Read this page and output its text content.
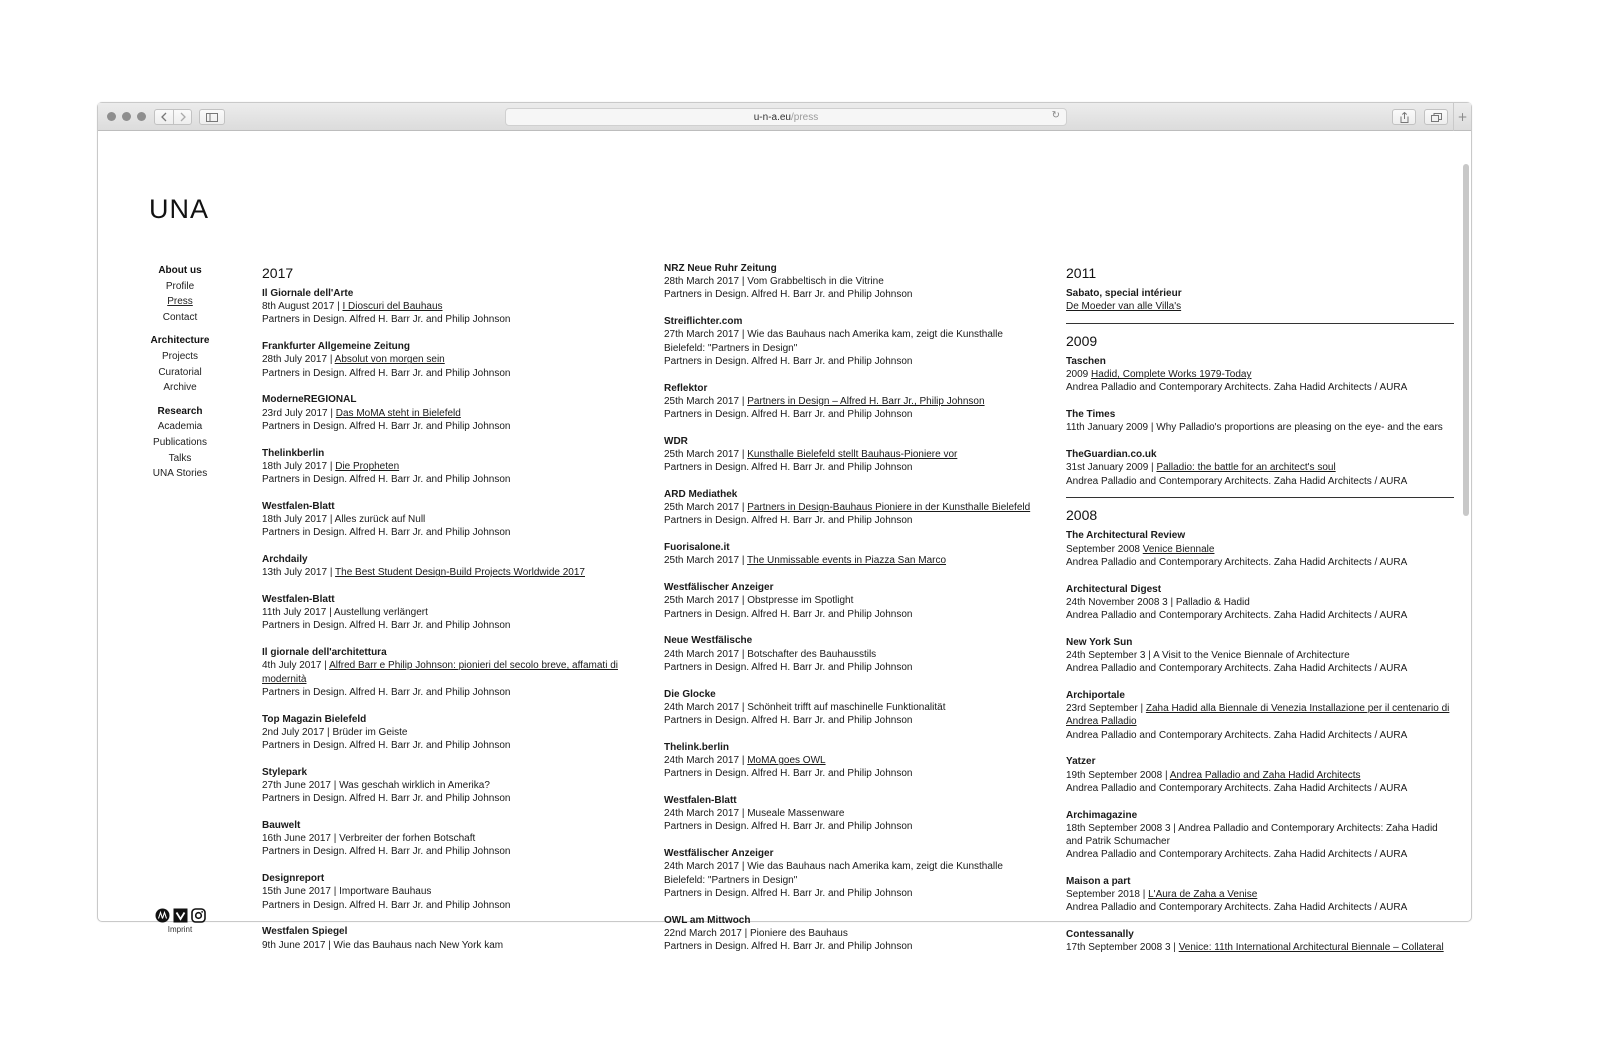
u-n-a.eu /press	↻	+
UNA
About us
Profile
Press
Contact
Architecture
Projects
Curatorial
Archive
Research
Academia
Publications
Talks
UNA Stories
Imprint
2017
Il Giornale dell'Arte
8th August 2017 | I Dioscuri del Bauhaus
Partners in Design. Alfred H. Barr Jr. and Philip Johnson
Frankfurter Allgemeine Zeitung
28th July 2017 | Absolut von morgen sein
Partners in Design. Alfred H. Barr Jr. and Philip Johnson
ModerneREGIONAL
23rd July 2017 | Das MoMA steht in Bielefeld
Partners in Design. Alfred H. Barr Jr. and Philip Johnson
Thelinkberlin
18th July 2017 | Die Propheten
Partners in Design. Alfred H. Barr Jr. and Philip Johnson
Westfalen-Blatt
18th July 2017 | Alles zurück auf Null
Partners in Design. Alfred H. Barr Jr. and Philip Johnson
Archdaily
13th July 2017 | The Best Student Design-Build Projects Worldwide 2017
Westfalen-Blatt
11th July 2017 | Austellung verlängert
Partners in Design. Alfred H. Barr Jr. and Philip Johnson
Il giornale dell'architettura
4th July 2017 | Alfred Barr e Philip Johnson: pionieri del secolo breve, affamati di modernità
Partners in Design. Alfred H. Barr Jr. and Philip Johnson
Top Magazin Bielefeld
2nd July 2017 | Brüder im Geiste
Partners in Design. Alfred H. Barr Jr. and Philip Johnson
Stylepark
27th June 2017 | Was geschah wirklich in Amerika?
Partners in Design. Alfred H. Barr Jr. and Philip Johnson
Bauwelt
16th June 2017 | Verbreiter der forhen Botschaft
Partners in Design. Alfred H. Barr Jr. and Philip Johnson
Designreport
15th June 2017 | Importware Bauhaus
Partners in Design. Alfred H. Barr Jr. and Philip Johnson
Westfalen Spiegel
9th June 2017 | Wie das Bauhaus nach New York kam
NRZ Neue Ruhr Zeitung
28th March 2017 | Vom Grabbeltisch in die Vitrine
Partners in Design. Alfred H. Barr Jr. and Philip Johnson
Streiflichter.com
27th March 2017 | Wie das Bauhaus nach Amerika kam, zeigt die Kunsthalle Bielefeld: "Partners in Design"
Partners in Design. Alfred H. Barr Jr. and Philip Johnson
Reflektor
25th March 2017 | Partners in Design – Alfred H. Barr Jr., Philip Johnson
Partners in Design. Alfred H. Barr Jr. and Philip Johnson
WDR
25th March 2017 | Kunsthalle Bielefeld stellt Bauhaus-Pioniere vor
Partners in Design. Alfred H. Barr Jr. and Philip Johnson
ARD Mediathek
25th March 2017 | Partners in Design-Bauhaus Pioniere in der Kunsthalle Bielefeld
Partners in Design. Alfred H. Barr Jr. and Philip Johnson
Fuorisalone.it
25th March 2017 | The Unmissable events in Piazza San Marco
Westfälischer Anzeiger
25th March 2017 | Obstpresse im Spotlight
Partners in Design. Alfred H. Barr Jr. and Philip Johnson
Neue Westfälische
24th March 2017 | Botschafter des Bauhausstils
Partners in Design. Alfred H. Barr Jr. and Philip Johnson
Die Glocke
24th March 2017 | Schönheit trifft auf maschinelle Funktionalität
Partners in Design. Alfred H. Barr Jr. and Philip Johnson
Thelink.berlin
24th March 2017 | MoMA goes OWL
Partners in Design. Alfred H. Barr Jr. and Philip Johnson
Westfalen-Blatt
24th March 2017 | Museale Massenware
Partners in Design. Alfred H. Barr Jr. and Philip Johnson
Westfälischer Anzeiger
24th March 2017 | Wie das Bauhaus nach Amerika kam, zeigt die Kunsthalle Bielefeld: "Partners in Design"
Partners in Design. Alfred H. Barr Jr. and Philip Johnson
OWL am Mittwoch
22nd March 2017 | Pioniere des Bauhaus
Partners in Design. Alfred H. Barr Jr. and Philip Johnson
2011
Sabato, special intérieur
De Moeder van alle Villa's
2009
Taschen
2009 Hadid, Complete Works 1979-Today
Andrea Palladio and Contemporary Architects. Zaha Hadid Architects / AURA
The Times
11th January 2009 | Why Palladio's proportions are pleasing on the eye- and the ears
TheGuardian.co.uk
31st January 2009 | Palladio: the battle for an architect's soul
Andrea Palladio and Contemporary Architects. Zaha Hadid Architects / AURA
2008
The Architectural Review
September 2008 Venice Biennale
Andrea Palladio and Contemporary Architects. Zaha Hadid Architects / AURA
Architectural Digest
24th November 2008 3 | Palladio & Hadid
Andrea Palladio and Contemporary Architects. Zaha Hadid Architects / AURA
New York Sun
24th September 3 | A Visit to the Venice Biennale of Architecture
Andrea Palladio and Contemporary Architects. Zaha Hadid Architects / AURA
Archiportale
23rd September | Zaha Hadid alla Biennale di Venezia Installazione per il centenario di Andrea Palladio
Andrea Palladio and Contemporary Architects. Zaha Hadid Architects / AURA
Yatzer
19th September 2008 | Andrea Palladio and Zaha Hadid Architects
Andrea Palladio and Contemporary Architects. Zaha Hadid Architects / AURA
Archimagazine
18th September 2008 3 | Andrea Palladio and Contemporary Architects: Zaha Hadid and Patrik Schumacher
Andrea Palladio and Contemporary Architects. Zaha Hadid Architects / AURA
Maison a part
September 2018 | L'Aura de Zaha a Venise
Andrea Palladio and Contemporary Architects. Zaha Hadid Architects / AURA
Contessanally
17th September 2008 3 | Venice: 11th International Architectural Biennale – Collateral
